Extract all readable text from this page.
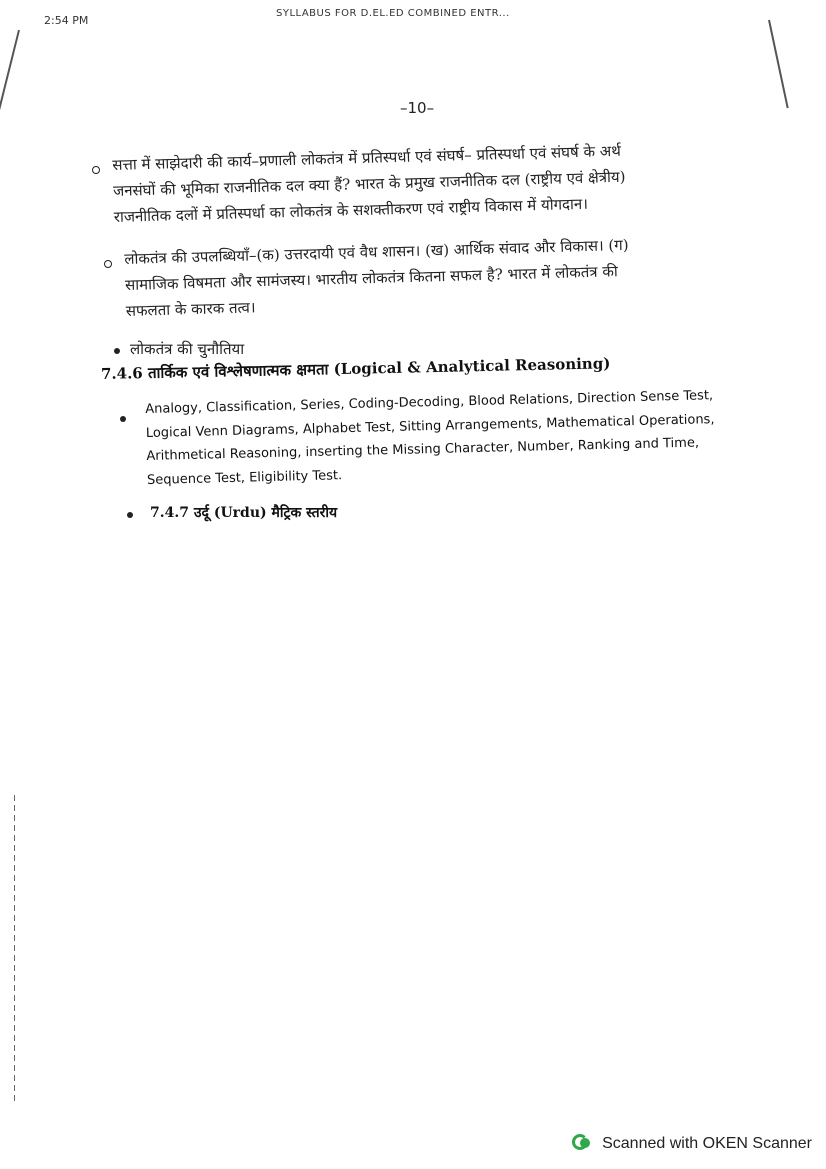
2:54 PM
SYLLABUS FOR D.EL.ED COMBINED ENTR...
–10–
सत्ता में साझेदारी की कार्य–प्रणाली लोकतंत्र में प्रतिस्पर्धा एवं संघर्ष– प्रतिस्पर्धा एवं संघर्ष के अर्थ
जनसंघों की भूमिका राजनीतिक दल क्या हैं? भारत के प्रमुख राजनीतिक दल (राष्ट्रीय एवं क्षेत्रीय)
राजनीतिक दलों में प्रतिस्पर्धा का लोकतंत्र के सशक्तीकरण एवं राष्ट्रीय विकास में योगदान।
लोकतंत्र की उपलब्धियाँ–(क) उत्तरदायी एवं वैध शासन। (ख) आर्थिक संवाद और विकास। (ग)
सामाजिक विषमता और सामंजस्य। भारतीय लोकतंत्र कितना सफल है? भारत में लोकतंत्र की
सफलता के कारक तत्व।
लोकतंत्र की चुनौतिया
7.4.6 तार्किक एवं विश्लेषणात्मक क्षमता (Logical & Analytical Reasoning)
Analogy, Classification, Series, Coding-Decoding, Blood Relations, Direction Sense Test,
Logical Venn Diagrams, Alphabet Test, Sitting Arrangements, Mathematical Operations,
Arithmetical Reasoning, inserting the Missing Character, Number, Ranking and Time,
Sequence Test, Eligibility Test.
7.4.7 उर्दू (Urdu) मैट्रिक स्तरीय
Scanned with OKEN Scanner
